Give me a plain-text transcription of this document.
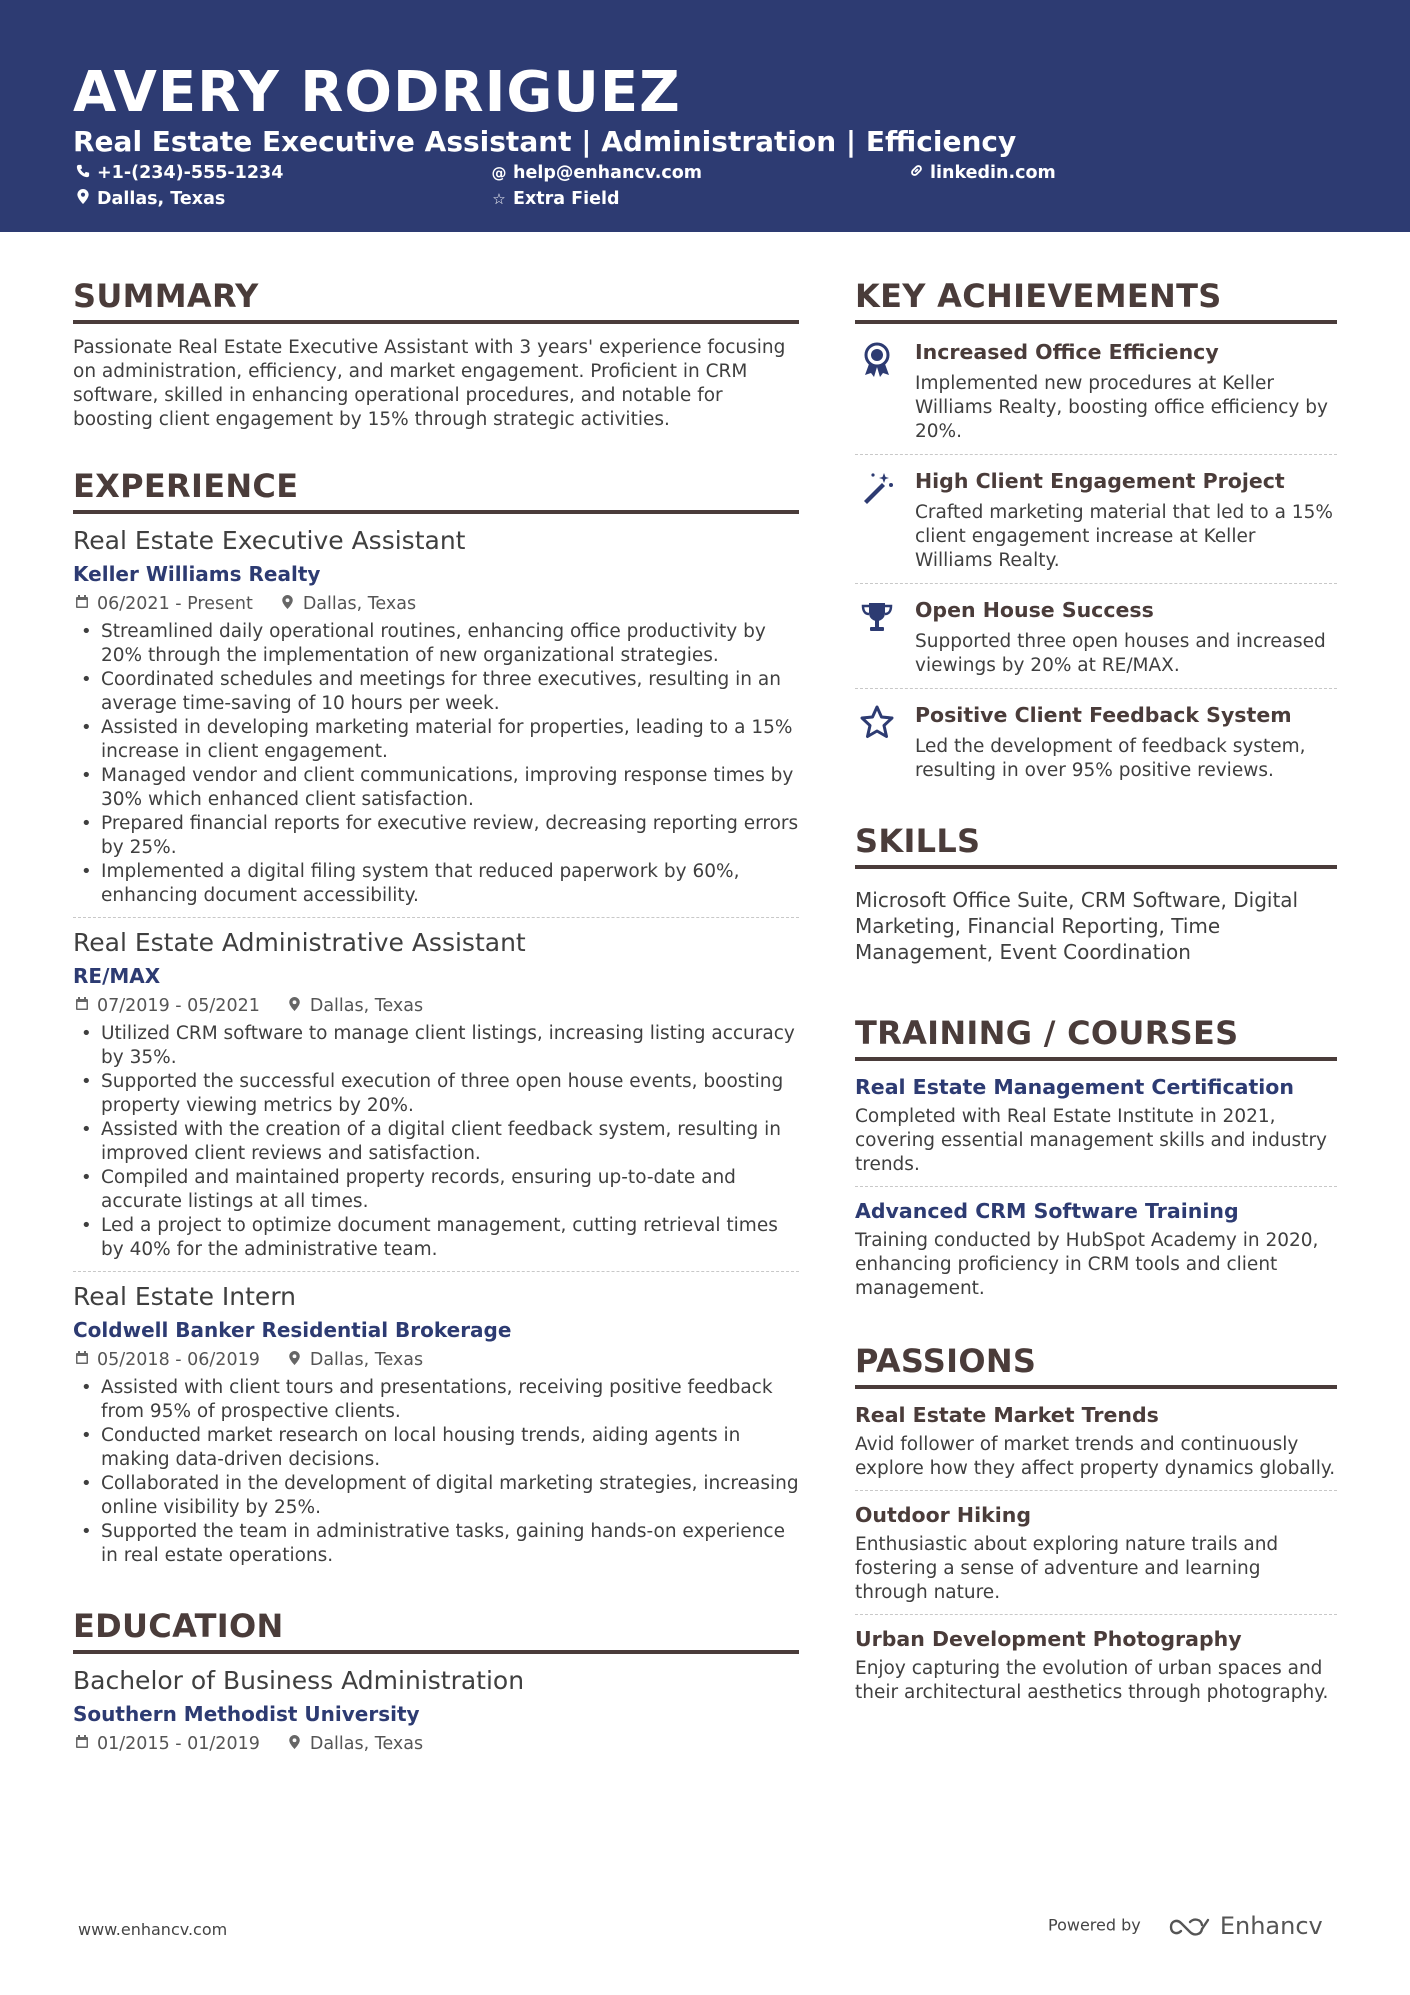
AVERY RODRIGUEZ
Real Estate Executive Assistant | Administration | Efficiency
+1-(234)-555-1234	@ help@enhancv.com	linkedin.com
Dallas, Texas	☆ Extra Field
SUMMARY
Passionate Real Estate Executive Assistant with 3 years' experience focusing on administration, efficiency, and market engagement. Proficient in CRM software, skilled in enhancing operational procedures, and notable for boosting client engagement by 15% through strategic activities.
EXPERIENCE
Real Estate Executive Assistant
Keller Williams Realty
06/2021 - Present	Dallas, Texas
• Streamlined daily operational routines, enhancing office productivity by 20% through the implementation of new organizational strategies.
• Coordinated schedules and meetings for three executives, resulting in an average time-saving of 10 hours per week.
• Assisted in developing marketing material for properties, leading to a 15% increase in client engagement.
• Managed vendor and client communications, improving response times by 30% which enhanced client satisfaction.
• Prepared financial reports for executive review, decreasing reporting errors by 25%.
• Implemented a digital filing system that reduced paperwork by 60%, enhancing document accessibility.
Real Estate Administrative Assistant
RE/MAX
07/2019 - 05/2021	Dallas, Texas
• Utilized CRM software to manage client listings, increasing listing accuracy by 35%.
• Supported the successful execution of three open house events, boosting property viewing metrics by 20%.
• Assisted with the creation of a digital client feedback system, resulting in improved client reviews and satisfaction.
• Compiled and maintained property records, ensuring up-to-date and accurate listings at all times.
• Led a project to optimize document management, cutting retrieval times by 40% for the administrative team.
Real Estate Intern
Coldwell Banker Residential Brokerage
05/2018 - 06/2019	Dallas, Texas
• Assisted with client tours and presentations, receiving positive feedback from 95% of prospective clients.
• Conducted market research on local housing trends, aiding agents in making data-driven decisions.
• Collaborated in the development of digital marketing strategies, increasing online visibility by 25%.
• Supported the team in administrative tasks, gaining hands-on experience in real estate operations.
EDUCATION
Bachelor of Business Administration
Southern Methodist University
01/2015 - 01/2019	Dallas, Texas
KEY ACHIEVEMENTS
Increased Office Efficiency
Implemented new procedures at Keller Williams Realty, boosting office efficiency by 20%.
High Client Engagement Project
Crafted marketing material that led to a 15% client engagement increase at Keller Williams Realty.
Open House Success
Supported three open houses and increased viewings by 20% at RE/MAX.
Positive Client Feedback System
Led the development of feedback system, resulting in over 95% positive reviews.
SKILLS
Microsoft Office Suite, CRM Software, Digital Marketing, Financial Reporting, Time Management, Event Coordination
TRAINING / COURSES
Real Estate Management Certification
Completed with Real Estate Institute in 2021, covering essential management skills and industry trends.
Advanced CRM Software Training
Training conducted by HubSpot Academy in 2020, enhancing proficiency in CRM tools and client management.
PASSIONS
Real Estate Market Trends
Avid follower of market trends and continuously explore how they affect property dynamics globally.
Outdoor Hiking
Enthusiastic about exploring nature trails and fostering a sense of adventure and learning through nature.
Urban Development Photography
Enjoy capturing the evolution of urban spaces and their architectural aesthetics through photography.
www.enhancv.com	Powered by	Enhancv
